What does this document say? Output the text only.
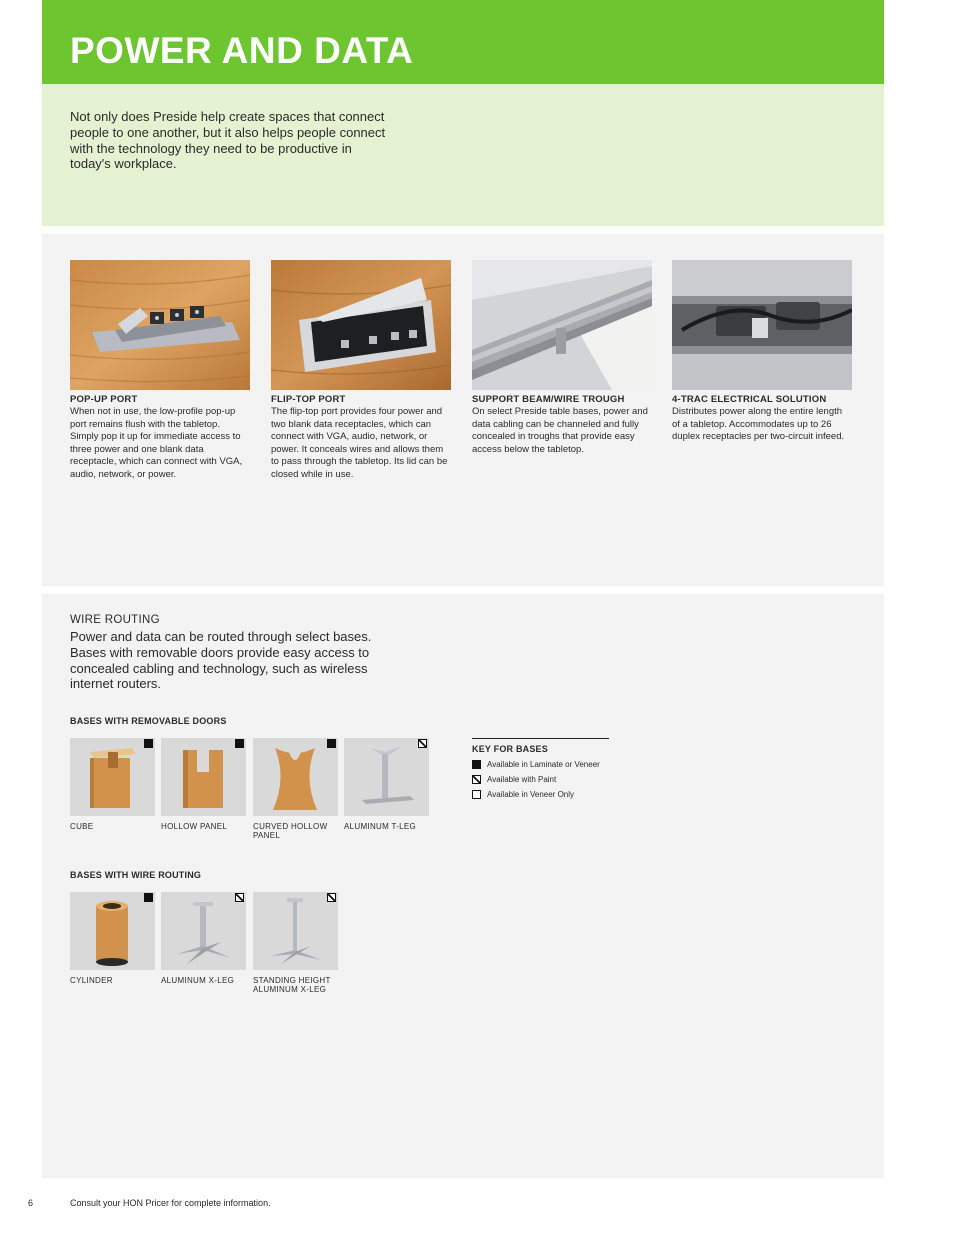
POWER AND DATA

Not only does Preside help create spaces that connect people to one another, but it also helps people connect with the technology they need to be productive in today's workplace.

POP-UP PORT

When not in use, the low-profile pop-up port remains flush with the tabletop. Simply pop it up for immediate access to three power and one blank data receptacle, which can connect with VGA, audio, network, or power.

FLIP-TOP PORT

The flip-top port provides four power and two blank data receptacles, which can connect with VGA, audio, network, or power. It conceals wires and allows them to pass through the tabletop. Its lid can be closed while in use.

SUPPORT BEAM/WIRE TROUGH

On select Preside table bases, power and data cabling can be channeled and fully concealed in troughs that provide easy access below the tabletop.

4-TRAC ELECTRICAL SOLUTION

Distributes power along the entire length of a tabletop. Accommodates up to 26 duplex receptacles per two-circuit infeed.

WIRE ROUTING

Power and data can be routed through select bases. Bases with removable doors provide easy access to concealed cabling and technology, such as wireless internet routers.

BASES WITH REMOVABLE DOORS

CUBE	HOLLOW PANEL	CURVED HOLLOW PANEL

ALUMINUM T-LEG

KEY FOR BASES

Available in Laminate or Veneer
Available with Paint
Available in Veneer Only

BASES WITH WIRE ROUTING

CYLINDER	ALUMINUM X-LEG	STANDING HEIGHT ALUMINUM X-LEG

6	Consult your HON Pricer for complete information.
